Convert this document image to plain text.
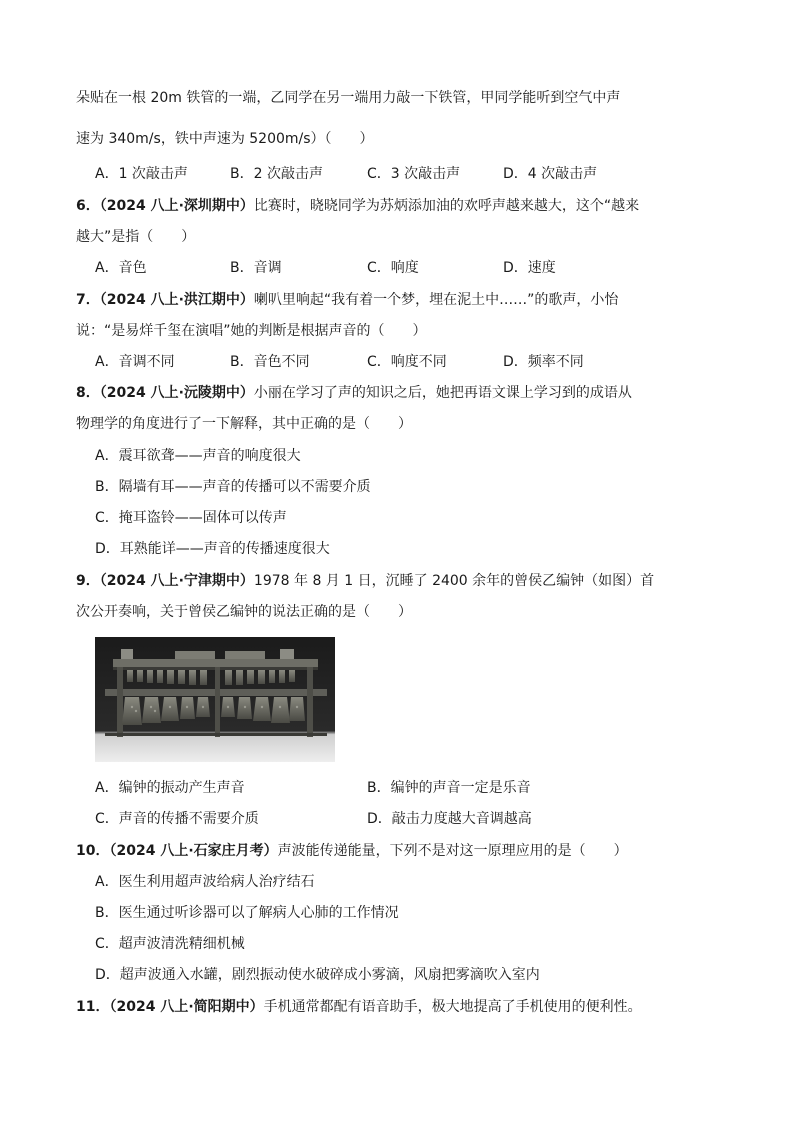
朵贴在一根 20m 铁管的一端，乙同学在另一端用力敲一下铁管，甲同学能听到空气中声
速为 340m/s，铁中声速为 5200m/s）（　　）
A．1 次敲击声	B．2 次敲击声	C．3 次敲击声	D．4 次敲击声
6．（2024 八上·深圳期中）比赛时，晓晓同学为苏炳添加油的欢呼声越来越大，这个“越来
越大”是指（　　）
A．音色	B．音调	C．响度	D．速度
7．（2024 八上·洪江期中）喇叭里响起“我有着一个梦，埋在泥土中……”的歌声，小怡
说：“是易烊千玺在演唱”她的判断是根据声音的（　　）
A．音调不同	B．音色不同	C．响度不同	D．频率不同
8．（2024 八上·沅陵期中）小丽在学习了声的知识之后，她把再语文课上学习到的成语从
物理学的角度进行了一下解释，其中正确的是（　　）
A．震耳欲聋——声音的响度很大
B．隔墙有耳——声音的传播可以不需要介质
C．掩耳盗铃——固体可以传声
D．耳熟能详——声音的传播速度很大
9．（2024 八上·宁津期中）1978 年 8 月 1 日，沉睡了 2400 余年的曾侯乙编钟（如图）首
次公开奏响，关于曾侯乙编钟的说法正确的是（　　）
A．编钟的振动产生声音	B．编钟的声音一定是乐音
C．声音的传播不需要介质	D．敲击力度越大音调越高
10．（2024 八上·石家庄月考）声波能传递能量，下列不是对这一原理应用的是（　　）
A．医生利用超声波给病人治疗结石
B．医生通过听诊器可以了解病人心肺的工作情况
C．超声波清洗精细机械
D．超声波通入水罐，剧烈振动使水破碎成小雾滴，风扇把雾滴吹入室内
11．（2024 八上·简阳期中）手机通常都配有语音助手，极大地提高了手机使用的便利性。
